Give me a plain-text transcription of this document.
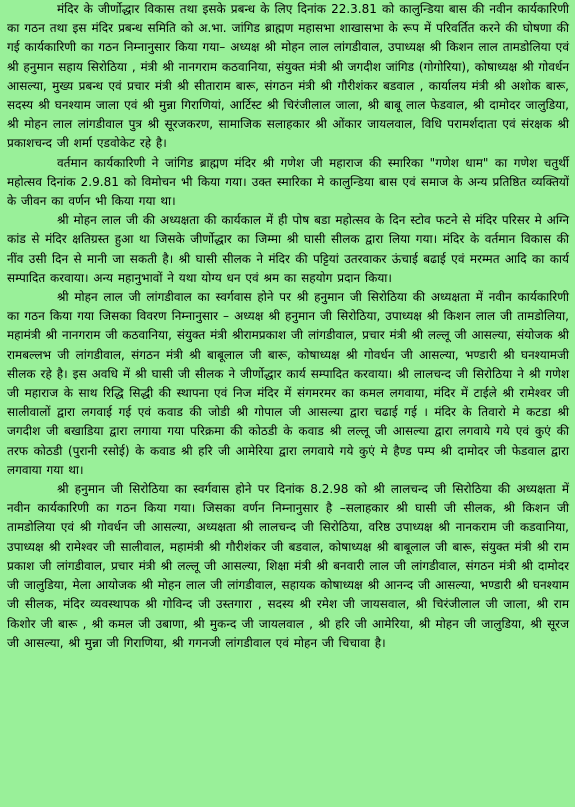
मंदिर के जीर्णोद्धार विकास तथा इसके प्रबन्ध के लिए दिनांक 22.3.81 को कालुन्डिया बास की नवीन कार्यकारिणी का गठन तथा इस मंदिर प्रबन्ध समिति को अ.भा. जांगिड ब्राह्मण महासभा शाखासभा के रूप में परिवर्तित करने की घोषणा की गई कार्यकारिणी का गठन निम्नानुसार किया गया– अध्यक्ष श्री मोहन लाल लांगडीवाल, उपाध्यक्ष श्री किशन लाल तामडोलिया एवं श्री हनुमान सहाय सिरोठिया , मंत्री श्री नानगराम कठवानिया, संयुक्त मंत्री श्री जगदीश जांगिड (गोगोरिया), कोषाध्यक्ष श्री गोवर्धन आसल्या, मुख्य प्रबन्ध एवं प्रचार मंत्री श्री सीताराम बारू, संगठन मंत्री श्री गौरीशंकर बडवाल , कार्यालय मंत्री श्री अशोक बारू, सदस्य श्री घनश्याम जाला एवं श्री मुन्ना गिराणियां, आर्टिस्ट श्री चिरंजीलाल जाला, श्री बाबू लाल फेडवाल, श्री दामोदर जालुडिया, श्री मोहन लाल लांगडीवाल पुत्र श्री सूरजकरण, सामाजिक सलाहकार श्री ओंकार जायलवाल, विधि परामर्शदाता एवं संरक्षक श्री प्रकाशचन्द जी शर्मा एडवोकेट रहे है।

वर्तमान कार्यकारिणी ने जांगिड ब्राह्मण मंदिर श्री गणेश जी महाराज की स्मारिका "गणेश धाम" का गणेश चतुर्थी महोत्सव दिनांक 2.9.81 को विमोचन भी किया गया। उक्त स्मारिका मे कालुन्डिया बास एवं समाज के अन्य प्रतिष्ठित व्यक्तियों के जीवन का वर्णन भी किया गया था।

श्री मोहन लाल जी की अध्यक्षता की कार्यकाल में ही पोष बडा महोत्सव के दिन स्टोव फटने से मंदिर परिसर मे अग्नि कांड से मंदिर क्षतिग्रस्त हुआ था जिसके जीर्णोद्धार का जिम्मा श्री घासी सीलक द्वारा लिया गया। मंदिर के वर्तमान विकास की नींव उसी दिन से मानी जा सकती है। श्री घासी सीलक ने मंदिर की पट्टियां उतरवाकर ऊंचाई बढाई एवं मरम्मत आदि का कार्य सम्पादित करवाया। अन्य महानुभावों ने यथा योग्य धन एवं श्रम का सहयोग प्रदान किया।

श्री मोहन लाल जी लांगडीवाल का स्वर्गवास होने पर श्री हनुमान जी सिरोठिया की अध्यक्षता में नवीन कार्यकारिणी का गठन किया गया जिसका विवरण निम्नानुसार – अध्यक्ष श्री हनुमान जी सिरोठिया, उपाध्यक्ष श्री किशन लाल जी तामडोलिया, महामंत्री श्री नानगराम जी कठवानिया, संयुक्त मंत्री श्रीरामप्रकाश जी लांगडीवाल, प्रचार मंत्री श्री लल्लू जी आसल्या, संयोजक श्री रामबल्लभ जी लांगडीवाल, संगठन मंत्री श्री बाबूलाल जी बारू, कोषाध्यक्ष श्री गोवर्धन जी आसल्या, भण्डारी श्री घनश्यामजी सीलक रहे है। इस अवधि में श्री घासी जी सीलक ने जीर्णोद्धार कार्य सम्पादित करवाया। श्री लालचन्द जी सिरोठिया ने श्री गणेश जी महाराज के साथ रिद्धि सिद्धी की स्थापना एवं निज मंदिर में संगमरमर का कमल लगवाया, मंदिर में टाईले श्री रामेश्वर जी सालीवालों द्वारा लगवाई गई एवं कवाड की जोडी श्री गोपाल जी आसल्या द्वारा चढाई गई । मंदिर के तिवारो मे कटडा श्री जगदीश जी बखाडिया द्वारा लगाया गया परिक्रमा की कोठडी के कवाड श्री लल्लू जी आसल्या द्वारा लगवाये गये एवं कुएं की तरफ कोठडी (पुरानी रसोई) के कवाड श्री हरि जी आमेरिया द्वारा लगवाये गये कुएं मे हैण्ड पम्प श्री दामोदर जी फेडवाल द्वारा लगवाया गया था।

श्री हनुमान जी सिरोठिया का स्वर्गवास होने पर दिनांक 8.2.98 को श्री लालचन्द जी सिरोठिया की अध्यक्षता में नवीन कार्यकारिणी का गठन किया गया। जिसका वर्णन निम्नानुसार है –सलाहकार श्री घासी जी सीलक, श्री किशन जी तामडोलिया एवं श्री गोवर्धन जी आसल्या, अध्यक्षता श्री लालचन्द जी सिरोठिया, वरिष्ठ उपाध्यक्ष श्री नानकराम जी कडवानिया, उपाध्यक्ष श्री रामेश्वर जी सालीवाल, महामंत्री श्री गौरीशंकर जी बडवाल, कोषाध्यक्ष श्री बाबूलाल जी बारू, संयुक्त मंत्री श्री राम प्रकाश जी लांगडीवाल, प्रचार मंत्री श्री लल्लू जी आसल्या, शिक्षा मंत्री श्री बनवारी लाल जी लांगडीवाल, संगठन मंत्री श्री दामोदर जी जालुडिया, मेला आयोजक श्री मोहन लाल जी लांगडीवाल, सहायक कोषाध्यक्ष श्री आनन्द जी आसल्या, भण्डारी श्री घनश्याम जी सीलक, मंदिर व्यवस्थापक श्री गोविन्द जी उस्तगारा , सदस्य श्री रमेश जी जायसवाल, श्री चिरंजीलाल जी जाला, श्री राम किशोर जी बारू , श्री कमल जी उबाणा, श्री मुकन्द जी जायलवाल , श्री हरि जी आमेरिया, श्री मोहन जी जालुडिया, श्री सूरज जी आसल्या, श्री मुन्ना जी गिराणिया, श्री गगनजी लांगडीवाल एवं मोहन जी चिचावा है।
